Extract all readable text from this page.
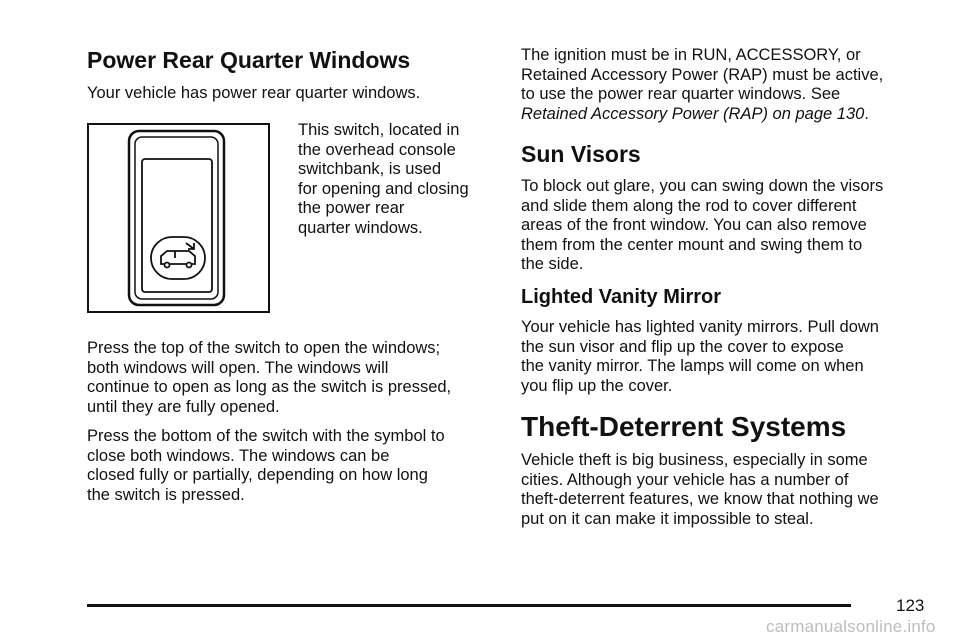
Power Rear Quarter Windows

Your vehicle has power rear quarter windows.

This switch, located in
the overhead console
switchbank, is used
for opening and closing
the power rear
quarter windows.

Press the top of the switch to open the windows;
both windows will open. The windows will
continue to open as long as the switch is pressed,
until they are fully opened.

Press the bottom of the switch with the symbol to
close both windows. The windows can be
closed fully or partially, depending on how long
the switch is pressed.

The ignition must be in RUN, ACCESSORY, or
Retained Accessory Power (RAP) must be active,
to use the power rear quarter windows. See
Retained Accessory Power (RAP) on page 130.

Sun Visors

To block out glare, you can swing down the visors
and slide them along the rod to cover different
areas of the front window. You can also remove
them from the center mount and swing them to
the side.

Lighted Vanity Mirror

Your vehicle has lighted vanity mirrors. Pull down
the sun visor and flip up the cover to expose
the vanity mirror. The lamps will come on when
you flip up the cover.

Theft-Deterrent Systems

Vehicle theft is big business, especially in some
cities. Although your vehicle has a number of
theft-deterrent features, we know that nothing we
put on it can make it impossible to steal.

123
carmanualsonline.info
